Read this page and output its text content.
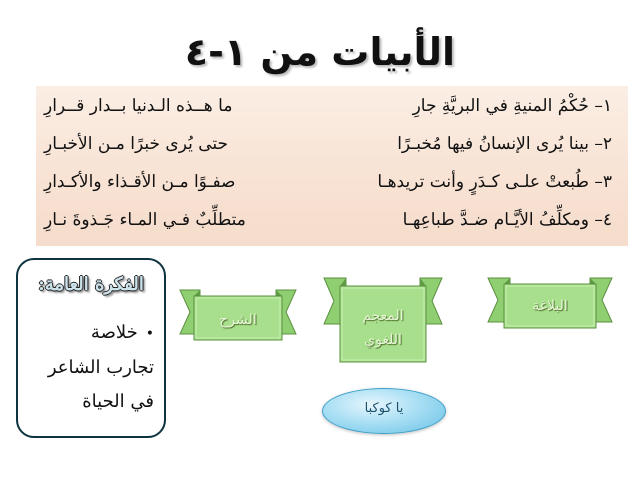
الأبيات من ١-٤
١– حُكْمُ المنيةِ في البريَّةِ جارِ
ما هــذه الـدنيا بــدار قــرارِ
٢– بينا يُرى الإنسانُ فيها مُخبـرًا
حتى يُرى خبرًا مـن الأخبـارِ
٣– طُبعتْ علـى كـدَرٍ وأنت تريدهـا
صفـوًا مـن الأقـذاء والأكـدارِ
٤– ومكلِّفُ الأيَّـام ضـدَّ طباعِهـا
متطلِّبٌ فـي المـاء جَـذوةَ نـارِ
الفكرة العامة:
•خلاصة
تجارب الشاعر
في الحياة
الشرح	المعجم
اللغوي
البلاغة
يا كوكبا
